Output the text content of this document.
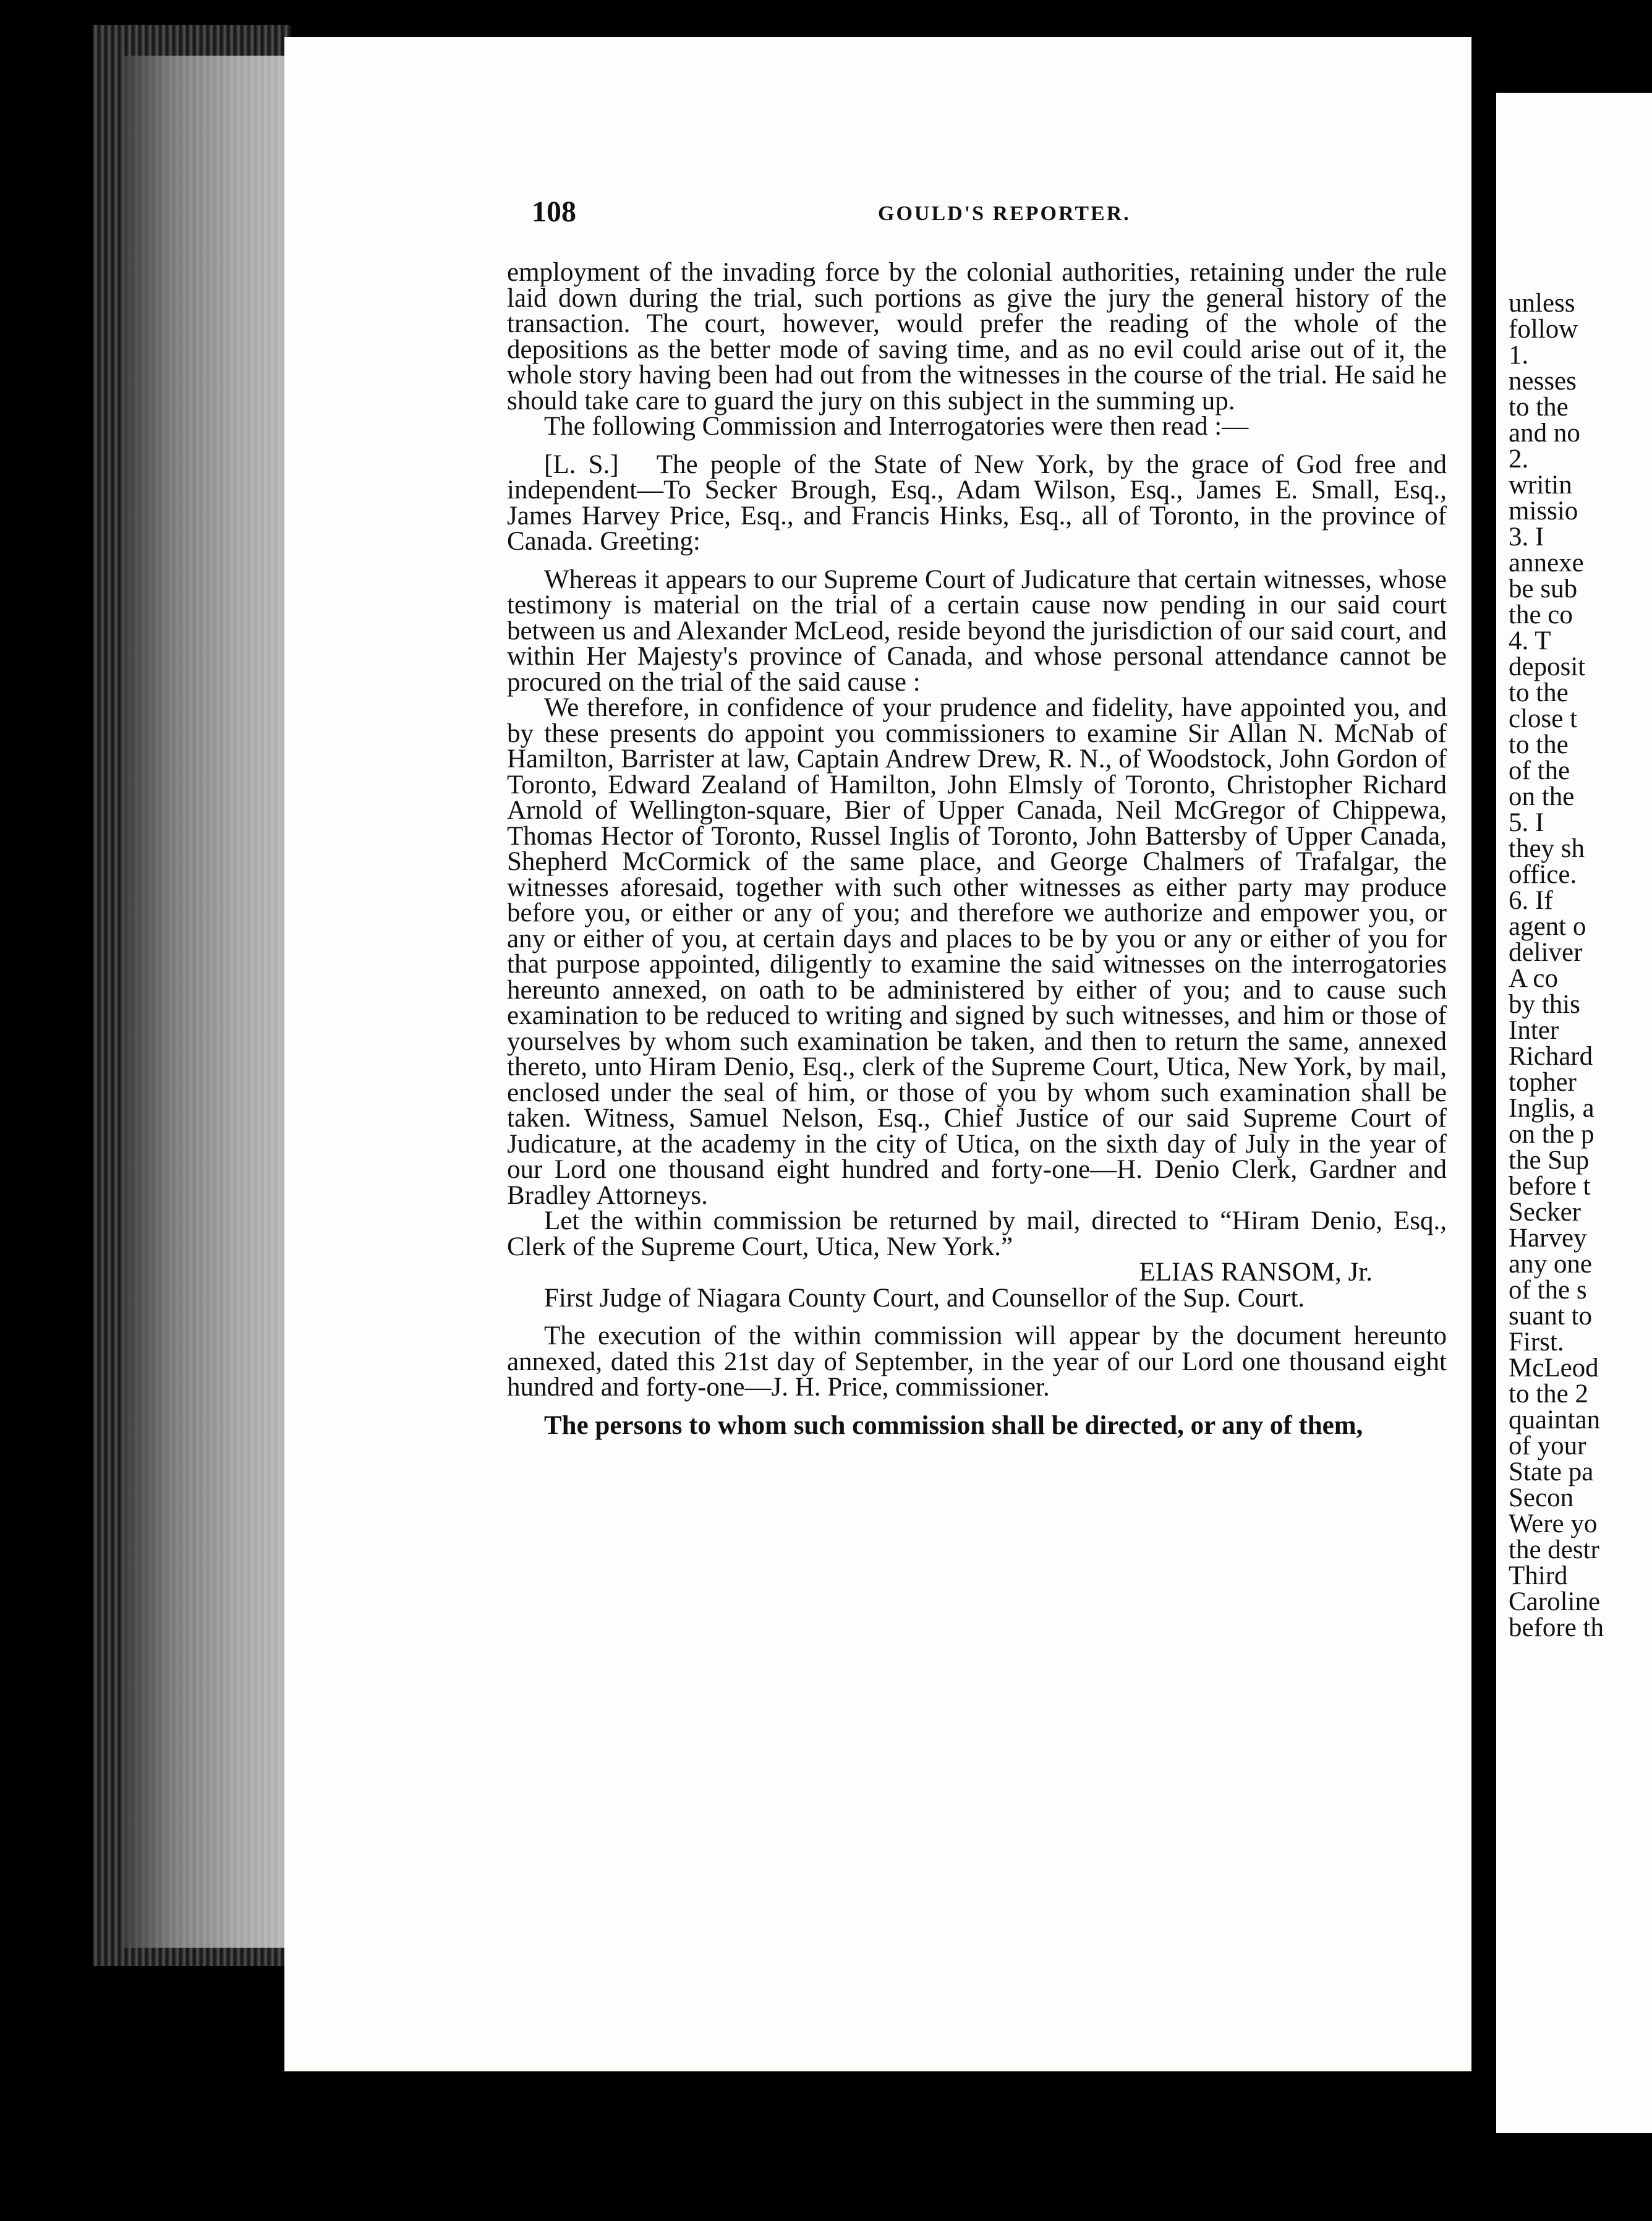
108	GOULD'S REPORTER.

employment of the invading force by the colonial authorities, retaining under the rule laid down during the trial, such portions as give the jury the general history of the transaction. The court, however, would prefer the reading of the whole of the depositions as the better mode of saving time, and as no evil could arise out of it, the whole story having been had out from the witnesses in the course of the trial. He said he should take care to guard the jury on this subject in the summing up.

The following Commission and Interrogatories were then read :—

[L. S.] The people of the State of New York, by the grace of God free and independent—To Secker Brough, Esq., Adam Wilson, Esq., James E. Small, Esq., James Harvey Price, Esq., and Francis Hinks, Esq., all of Toronto, in the province of Canada. Greeting:

Whereas it appears to our Supreme Court of Judicature that certain witnesses, whose testimony is material on the trial of a certain cause now pending in our said court between us and Alexander McLeod, reside beyond the jurisdiction of our said court, and within Her Majesty's province of Canada, and whose personal attendance cannot be procured on the trial of the said cause :

We therefore, in confidence of your prudence and fidelity, have appointed you, and by these presents do appoint you commissioners to examine Sir Allan N. McNab of Hamilton, Barrister at law, Captain Andrew Drew, R. N., of Woodstock, John Gordon of Toronto, Edward Zealand of Hamilton, John Elmsly of Toronto, Christopher Richard Arnold of Wellington-square, Bier of Upper Canada, Neil McGregor of Chippewa, Thomas Hector of Toronto, Russel Inglis of Toronto, John Battersby of Upper Canada, Shepherd McCormick of the same place, and George Chalmers of Trafalgar, the witnesses aforesaid, together with such other witnesses as either party may produce before you, or either or any of you; and therefore we authorize and empower you, or any or either of you, at certain days and places to be by you or any or either of you for that purpose appointed, diligently to examine the said witnesses on the interrogatories hereunto annexed, on oath to be administered by either of you; and to cause such examination to be reduced to writing and signed by such witnesses, and him or those of yourselves by whom such examination be taken, and then to return the same, annexed thereto, unto Hiram Denio, Esq., clerk of the Supreme Court, Utica, New York, by mail, enclosed under the seal of him, or those of you by whom such examination shall be taken. Witness, Samuel Nelson, Esq., Chief Justice of our said Supreme Court of Judicature, at the academy in the city of Utica, on the sixth day of July in the year of our Lord one thousand eight hundred and forty-one—H. Denio Clerk, Gardner and Bradley Attorneys.

Let the within commission be returned by mail, directed to “Hiram Denio, Esq., Clerk of the Supreme Court, Utica, New York.”

ELIAS RANSOM, Jr.

First Judge of Niagara County Court, and Counsellor of the Sup. Court.

The execution of the within commission will appear by the document hereunto annexed, dated this 21st day of September, in the year of our Lord one thousand eight hundred and forty-one—J. H. Price, commissioner.

The persons to whom such commission shall be directed, or any of them,

unless
follow
1.
nesses
to the
and no
2.
writin
missio
3. I
annexe
be sub
the co
4. T
deposit
to the
close t
to the
of the
on the
5. I
they sh
office.
6. If
agent o
deliver
A co
by this
Inter
Richard
topher
Inglis, a
on the p
the Sup
before t
Secker
Harvey
any one
of the s
suant to
First.
McLeod
to the 2
quaintan
of your
State pa
Secon
Were yo
the destr
Third
Caroline
before th
